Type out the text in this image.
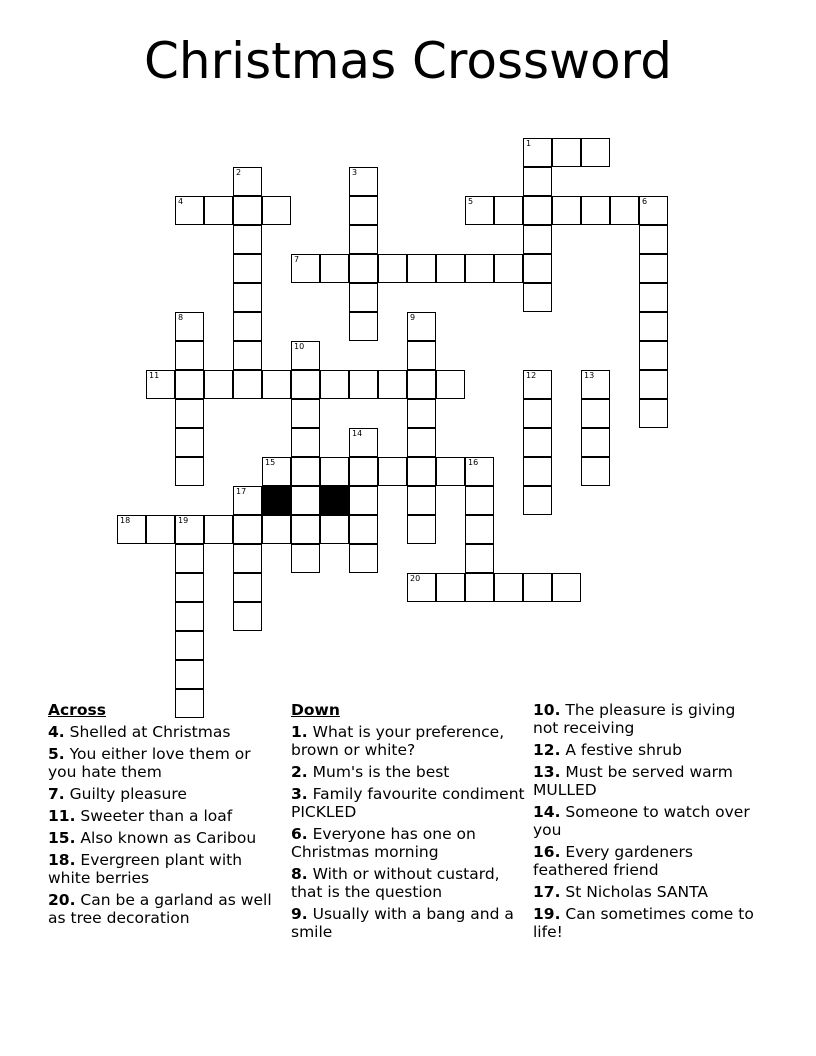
Christmas Crossword
1
2	3
4	5	6
7
8	9
10
11	12	13
14
15	16
17
18	19
20
Across
4. Shelled at Christmas
5. You either love them or you hate them
7. Guilty pleasure
11. Sweeter than a loaf
15. Also known as Caribou
18. Evergreen plant with white berries
20. Can be a garland as well as tree decoration
Down
1. What is your preference, brown or white?
2. Mum's is the best
3. Family favourite condiment PICKLED
6. Everyone has one on Christmas morning
8. With or without custard, that is the question
9. Usually with a bang and a smile
10. The pleasure is giving not receiving
12. A festive shrub
13. Must be served warm MULLED
14. Someone to watch over you
16. Every gardeners feathered friend
17. St Nicholas SANTA
19. Can sometimes come to life!
